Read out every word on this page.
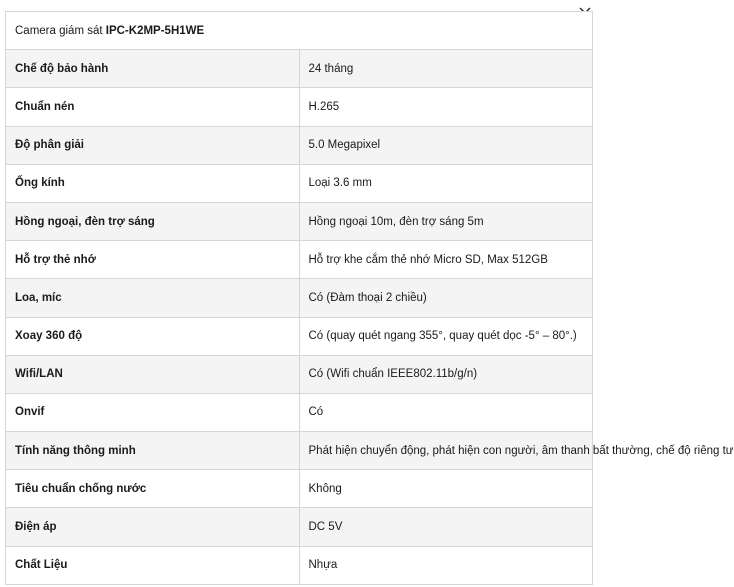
Camera giám sát IPC-K2MP-5H1WE	
Chế độ bảo hành	24 tháng
Chuẩn nén	H.265
Độ phân giải	5.0 Megapixel
Ống kính	Loại 3.6 mm
Hồng ngoại, đèn trợ sáng	Hồng ngoại 10m, đèn trợ sáng 5m
Hỗ trợ thẻ nhớ	Hỗ trợ khe cắm thẻ nhớ Micro SD, Max 512GB
Loa, míc	Có (Đàm thoại 2 chiều)
Xoay 360 độ	Có (quay quét ngang 355°, quay quét dọc -5° – 80°.)
Wifi/LAN	Có (Wifi chuẩn IEEE802.11b/g/n)
Onvif	Có
Tính năng thông minh	Phát hiện chuyển động, phát hiện con người, âm thanh bất thường, chế độ riêng tư
Tiêu chuẩn chống nước	Không
Điện áp	DC 5V
Chất Liệu	Nhựa
